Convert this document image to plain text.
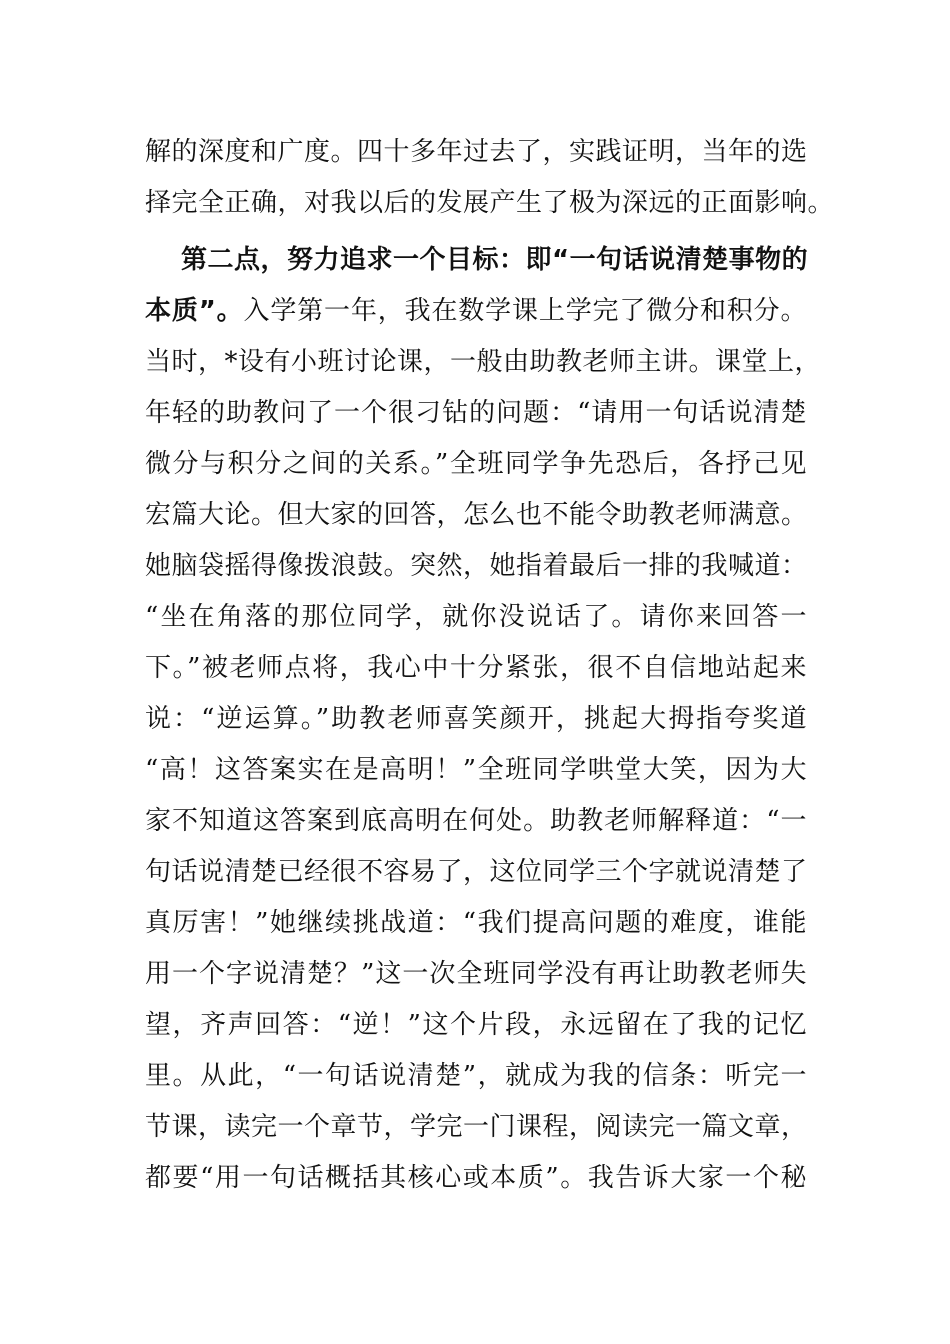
解的深度和广度。四十多年过去了，实践证明，当年的选
择完全正确，对我以后的发展产生了极为深远的正面影响。
第二点，努力追求一个目标：即“一句话说清楚事物的
本质”。入学第一年，我在数学课上学完了微分和积分。
当时，*设有小班讨论课，一般由助教老师主讲。课堂上，
年轻的助教问了一个很刁钻的问题：“请用一句话说清楚
微分与积分之间的关系。”全班同学争先恐后，各抒己见
宏篇大论。但大家的回答，怎么也不能令助教老师满意。
她脑袋摇得像拨浪鼓。突然，她指着最后一排的我喊道：
“坐在角落的那位同学，就你没说话了。请你来回答一
下。”被老师点将，我心中十分紧张，很不自信地站起来
说：“逆运算。”助教老师喜笑颜开，挑起大拇指夸奖道
“高！这答案实在是高明！”全班同学哄堂大笑，因为大
家不知道这答案到底高明在何处。助教老师解释道：“一
句话说清楚已经很不容易了，这位同学三个字就说清楚了
真厉害！”她继续挑战道：“我们提高问题的难度，谁能
用一个字说清楚？”这一次全班同学没有再让助教老师失
望，齐声回答：“逆！”这个片段，永远留在了我的记忆
里。从此，“一句话说清楚”，就成为我的信条：听完一
节课，读完一个章节，学完一门课程，阅读完一篇文章，
都要“用一句话概括其核心或本质”。我告诉大家一个秘
